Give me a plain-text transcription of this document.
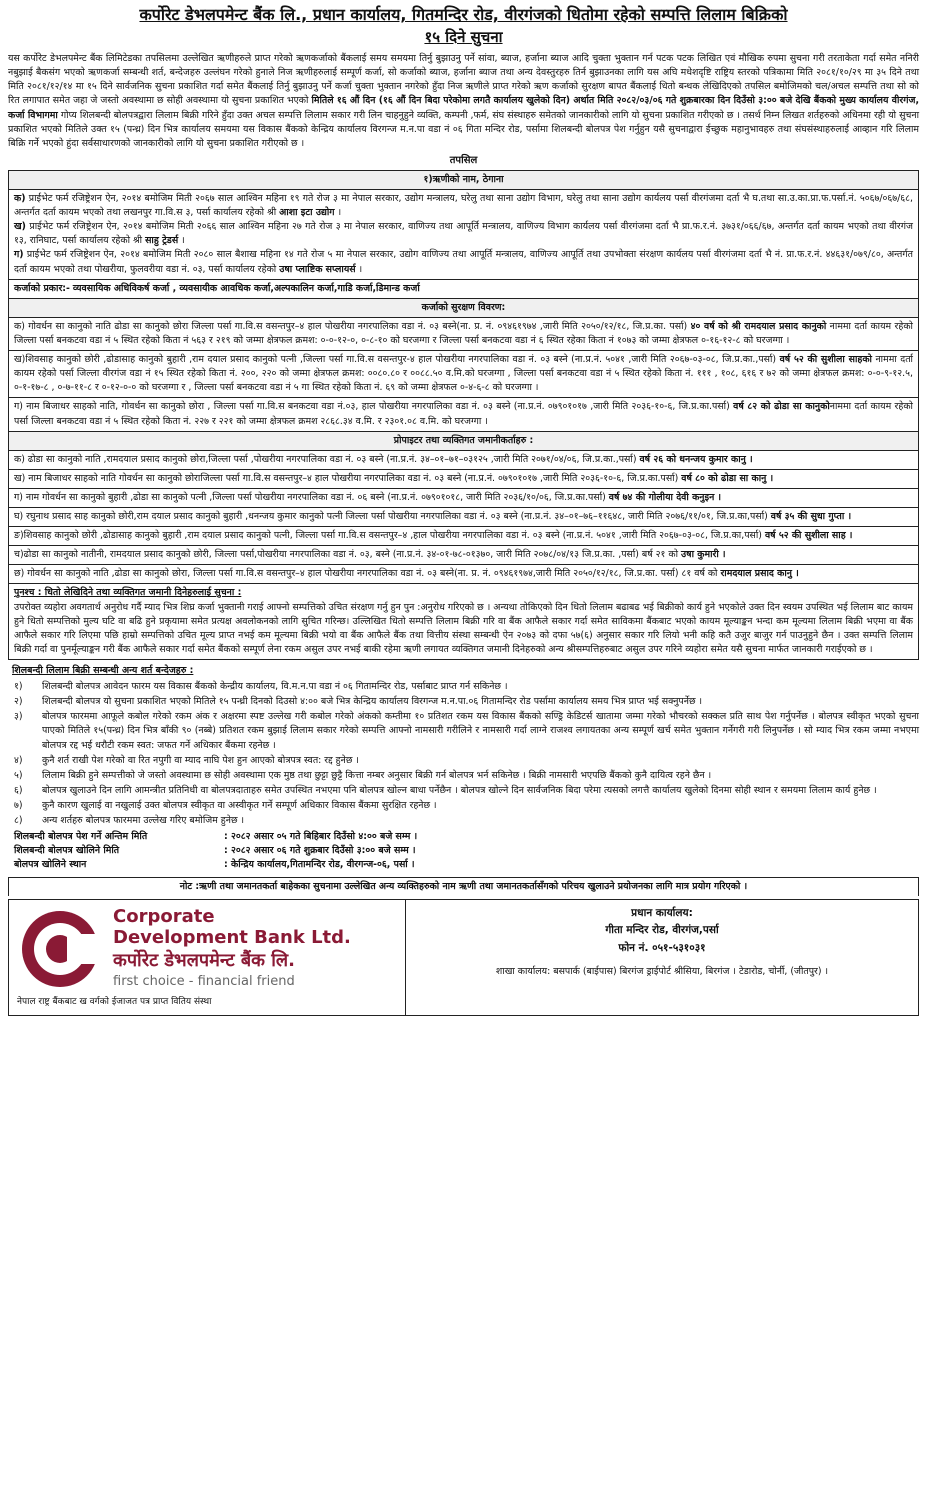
कर्पोरेट डेभलपमेन्ट बैंक लि., प्रधान कार्यालय, गितमन्दिर रोड, वीरगंजको धितोमा रहेको सम्पत्ति लिलाम बिक्रिको

१५ दिने सुचना

यस कर्पोरेट डेभलपमेन्ट बैंक लिमिटेडका तपसिलमा उल्लेखित ऋणीहरुले प्राप्त गरेको ऋणकर्जाको बैंकलाई समय समयमा तिर्नु बुझाउनु पर्ने सांवा, ब्याज, हर्जाना ब्याज आदि चुक्ता भुक्तान गर्न पटक पटक लिखित एवं मौखिक रुपमा सुचना गरी तरताकेता गर्दा समेत ननिरी नबुझाई बैकसंग भएको ऋणकर्जा सम्बन्धी शर्त, बन्देजहरु उल्लंघन गरेको हुनाले निज ऋणीहरुलाई सम्पूर्ण कर्जा, सो कर्जाको ब्याज, हर्जाना ब्याज तथा अन्य देवस्तुरहरु तिर्न बुझाउनका लागि यस अघि मधेशदृष्टि राष्ट्रिय स्तरको पत्रिकामा मिति २०८१/१०/२९ मा ३५ दिने तथा मिति २०८१/१२/१४ मा १५ दिने सार्वजनिक सुचना प्रकाशित गर्दा समेत बैंकलाई तिर्नु बुझाउनु पर्ने कर्जा चुक्ता भुक्तान नगरेको हुँदा निज ऋणीले प्राप्त गरेको ऋण कर्जाको सुरक्षण बापत बैंकलाई धितो बन्धक लेखिदिएको तपसिल बमोजिमको चल/अचल सम्पत्ति तथा सो को रित लगापात समेत जहा जे जस्तो अवस्थामा छ सोही अवस्थामा यो सुचना प्रकाशित भएको मितिले १६ औं दिन (१६ औं दिन बिदा परेकोमा लगतै कार्यालय खुलेको दिन) अर्थात मिति २०८२/०३/०६ गते शुक्रबारका दिन दिउँसो ३:०० बजे देखि बैंकको मुख्य कार्यालय वीरगंज, कर्जा विभागमा गोप्य शिलबन्दी बोलपत्रद्वारा लिलाम बिक्री गरिने हुँदा उक्त अचल सम्पत्ति लिलाम सकार गरी लिन चाहनुहुने व्यक्ति, कम्पनी ,फर्म, संघ संस्थाहरु समेतको जानकारीको लागि यो सुचना प्रकाशित गरीएको छ । तसर्थ निम्न लिखत शर्तहरुको अधिनमा रही यो सुचना प्रकाशित भएको मितिले उक्त १५ (पन्ध्र) दिन भित्र कार्यालय समयमा यस विकास बैंकको केन्द्रिय कार्यालय विरगन्ज म.न.पा वडा नं ०६ गिता मन्दिर रोड, पर्सामा शिलबन्दी बोलपत्र पेश गर्नुहुन यसै सुचनाद्वारा ईच्छुक महानुभावहरु तथा संघसंस्थाहरुलाई आव्हान गरि लिलाम बिक्रि गर्ने भएको हुंदा सर्वसाधारणको जानकारीको लागि यो सुचना प्रकाशित गरीएको छ ।

तपसिल
१)ऋणीको नाम, ठेगाना

क) प्राईभेट फर्म रजिष्ट्रेशन ऐन, २०१४ बमोजिम मिती २०६७ साल आश्विन महिना १९ गते रोज ३ मा नेपाल सरकार, उद्योग मन्त्रालय, घरेलु तथा साना उद्योग विभाग, घरेलु तथा साना उद्योग कार्यलय पर्सा वीरगंजमा दर्ता भै घ.तथा सा.उ.का.प्रा.फ.पर्सा.नं. ५०६७/०६७/६८, अन्तर्गत दर्ता कायम भएको तथा लखनपुर गा.वि.स ३, पर्सा कार्यालय रहेको श्री आशा इटा उद्योग ।

ख) प्राईभेट फर्म रजिष्ट्रेशन ऐन, २०१४ बमोजिम मिती २०६६ साल आश्विन महिना २७ गते रोज ३ मा नेपाल सरकार, वाणिज्य तथा आपूर्ति मन्त्रालय, वाणिज्य विभाग कार्यलय पर्सा वीरगंजमा दर्ता भै प्रा.फ.र.नं. ३७३१/०६६/६७, अन्तर्गत दर्ता कायम भएको तथा वीरगंज १३, रानिघाट, पर्सा कार्यालय रहेको श्री साहु ट्रेडर्स ।

ग) प्राईभेट फर्म रजिष्ट्रेशन ऐन, २०१४ बमोजिम मिती २०८० साल बैशाख महिना १४ गते रोज ५ मा नेपाल सरकार, उद्योग वाणिज्य तथा आपूर्ति मन्त्रालय, वाणिज्य आपूर्ति तथा उपभोक्ता संरक्षण कार्यलय पर्सा वीरगंजमा दर्ता भै नं. प्रा.फ.र.नं. ४४६३१/०७९/८०, अन्तर्गत दर्ता कायम भएको तथा पोखरीया, फुलवरीया वडा नं. ०३, पर्सा कार्यालय रहेको उषा प्लाष्टिक सप्लायर्स ।

कर्जाको प्रकार:- व्यवसायिक अधिविकर्ष कर्जा , व्यवसायीक आवधिक कर्जा,अल्पकालिन कर्जा,गाडि कर्जा,डिमान्ड कर्जा
कर्जाको सुरक्षण विवरण:
क) गोवर्धन सा कानुको नाति ढोडा सा कानुको छोरा जिल्ला पर्सा गा.वि.स वसन्तपुर–४ हाल पोखरीया नगरपालिका वडा नं. ०३ बस्ने(ना. प्र. नं. ०९४६१९७४ ,जारी मिति २०५०/१२/१८, जि.प्र.का. पर्सा) ४० वर्ष को श्री रामदयाल प्रसाद कानुको नाममा दर्ता कायम रहेको जिल्ला पर्सा बनकटवा वडा नं ५ स्थित रहेको किता नं ५६३ र २१९ को जम्मा क्षेत्रफल क्रमश: ०-०-१२-०, ०-८-१० को घरजग्गा र जिल्ला पर्सा बनकटवा वडा नं ६ स्थित रहेका किता नं १०७३ को जम्मा क्षेत्रफल ०-१६-१२-८ को घरजग्गा ।
ख)शिवसाह कानुको छोरी ,ढोडासाह कानुको बुहारी ,राम दयाल प्रसाद कानुको पत्नी ,जिल्ला पर्सा गा.वि.स वसन्तपुर-४ हाल पोखरीया नगरपालिका वडा नं. ०३ बस्ने (ना.प्र.नं. ५०४१ ,जारी मिति २०६७-०३-०८, जि.प्र.का.,पर्सा) वर्ष ५२ की सुशीला साहको नाममा दर्ता कायम रहेको पर्सा जिल्ला वीरगंज वडा नं १५ स्थित रहेको किता नं. २००, २२० को जम्मा क्षेत्रफल क्रमश: ००८०.८० र ००८८.५० व.मि.को घरजग्गा , जिल्ला पर्सा बनकटवा वडा नं ५ स्थित रहेको किता नं. १११ , १०८, ६१६ र ७२ को जम्मा क्षेत्रफल क्रमश: ०-०-९-१२.५, ०-१-१७-८ , ०-७-११-८ र ०-१२-०-० को घरजग्गा र , जिल्ला पर्सा बनकटवा वडा नं ५ गा स्थित रहेको किता नं. ६९ को जम्मा क्षेत्रफल ०-४-६-८ को घरजग्गा ।
ग) नाम बिजाधर साहको नाति, गोवर्धन सा कानुको छोरा , जिल्ला पर्सा गा.वि.स बनकटवा वडा नं.०३, हाल पोखरीया नगरपालिका वडा नं. ०३ बस्ने (ना.प्र.नं. ०७९०१०१७ ,जारी मिति २०३६-१०-६, जि.प्र.का.पर्सा) वर्ष ८२ को ढोडा सा कानुकोनाममा दर्ता कायम रहेको पर्सा जिल्ला बनकटवा वडा नं ५ स्थित रहेको किता नं. २२७ र २२१ को जम्मा क्षेत्रफल क्रमश २८६८.३४ व.मि. र २३०१.०८ व.मि. को घरजग्गा ।
प्रोपाइटर तथा व्यक्तिगत जमानीकर्ताहरु :
क) ढोडा सा कानुको नाति ,रामदयाल प्रसाद कानुको छोरा,जिल्ला पर्सा ,पोखरीया नगरपालिका वडा नं. ०३ बस्ने (ना.प्र.नं. ३४–०१–७१–०३१२५ ,जारी मिति २०७१/०४/०६, जि.प्र.का.,पर्सा) वर्ष २६ को धनन्जय कुमार कानु ।
ख) नाम बिजाधर साहको नाति गोवर्धन सा कानुको छोराजिल्ला पर्सा गा.वि.स वसन्तपुर–४ हाल पोखरीया नगरपालिका वडा नं. ०३ बस्ने (ना.प्र.नं. ०७९०१०१७ ,जारी मिति २०३६-१०-६, जि.प्र.का.पर्सा) वर्ष ८० को ढोडा सा कानु ।
ग) नाम गोवर्धन सा कानुको बुहारी ,ढोडा सा कानुको पत्नी ,जिल्ला पर्सा पोखरीया नगरपालिका वडा नं. ०६ बस्ने (ना.प्र.नं. ०७९०१०१८, जारी मिति २०३६/१०/०६, जि.प्र.का.पर्सा) वर्ष ७४ की गोलीया देवी कनुइन ।
घ) रघुनाथ प्रसाद साह कानुको छोरी,राम दयाल प्रसाद कानुको बुहारी ,धनन्जय कुमार कानुको पत्नी जिल्ला पर्सा पोखरीया नगरपालिका वडा नं. ०३ बस्ने (ना.प्र.नं. ३४–०१–७६–११६४८, जारी मिति २०७६/११/०१, जि.प्र.का,पर्सा) वर्ष ३५ की सुधा गुप्ता ।
ङ)शिवसाह कानुको छोरी ,ढोडासाह कानुको बुहारी ,राम दयाल प्रसाद कानुको पत्नी, जिल्ला पर्सा गा.वि.स वसन्तपुर–४ ,हाल पोखरीया नगरपालिका वडा नं. ०३ बस्ने (ना.प्र.नं. ५०४१ ,जारी मिति २०६७-०३-०८, जि.प्र.का,पर्सा) वर्ष ५२ की सुशीला साह ।
च)ढोडा सा कानुको नातीनी, रामदयाल प्रसाद कानुको छोरी, जिल्ला पर्सा,पोखरीया नगरपालिका वडा नं. ०३, बस्ने (ना.प्र.नं. ३४-०१-७८-०१३७०, जारी मिति २०७८/०४/१३ जि.प्र.का. ,पर्सा) बर्ष २१ को उषा कुमारी ।
छ) गोवर्धन सा कानुको नाति ,ढोडा सा कानुको छोरा, जिल्ला पर्सा गा.वि.स वसन्तपुर–४ हाल पोखरीया नगरपालिका वडा नं. ०३ बस्ने(ना. प्र. नं. ०९४६१९७४,जारी मिति २०५०/१२/१८, जि.प्र.का. पर्सा) ८१ वर्ष को रामदयाल प्रसाद कानु ।
पुनश्च : धितो लेखिदिने तथा व्यक्तिगत जमानी दिनेहरुलाई सुचना :
उपरोक्त व्यहोरा अवगतार्थ अनुरोध गर्दै म्याद भित्र शिघ्र कर्जा भुक्तानी गराई आफ्नो सम्पत्तिको उचित संरक्षण गर्नु हुन पुन :अनुरोध गरिएको छ । अन्यथा तोकिएको दिन धितो लिलाम बढाबढ भई बिक्रीको कार्य हुने भएकोले उक्त दिन स्वयम उपस्थित भई लिलाम बाट कायम हुने धितो सम्पत्तिको मुल्य घटि वा बढि हुने प्रकृयामा समेत प्रत्यक्ष अवलोकनको लागि सुचित गरिन्छ। उल्लिखित धितो सम्पत्ति लिलाम बिक्री गरि वा बैंक आफैले सकार गर्दा समेत साविकमा बैंकबाट भएको कायम मूल्याङ्कन भन्दा कम मूल्यमा लिलाम बिक्री भएमा वा बैंक आफैले सकार गरि लिएमा पछि हाम्रो सम्पत्तिको उचित मूल्य प्राप्त नभई कम मूल्यमा बिक्री भयो वा बैंक आफैले बैंक तथा वित्तीय संस्था सम्बन्धी ऐन २०७३ को दफा ५७(६) अनुसार सकार गरि लियो भनी कहि कतै उजुर बाजुर गर्न पाउनुहुने छैन । उक्त सम्पत्ति लिलाम बिक्री गर्दा वा पुनर्मूल्याङ्कन गरी बैंक आफैले सकार गर्दा समेत बैंकको सम्पूर्ण लेना रकम असुल उपर नभई बाकी रहेमा ऋणी लगायत व्यक्तिगत जमानी दिनेहरुको अन्य श्रीसम्पत्तिहरुबाट असुल उपर गरिने व्यहोरा समेत यसै सुचना मार्फत जानकारी गराईएको छ ।
शिलबन्दी लिलाम बिक्री सम्बन्धी अन्य शर्त बन्देजहरु :
१)	शिलबन्दी बोलपत्र आवेदन फारम यस विकास बैंकको केन्द्रीय कार्यालय, वि.म.न.पा वडा नं ०६ गितामन्दिर रोड, पर्साबाट प्राप्त गर्न सकिनेछ ।
२)	शिलबन्दी बोलपत्र यो सुचना प्रकाशित भएको मितिले १५ पन्ध्री दिनको दिउसो ४:०० बजे भित्र केन्द्रिय कार्यालय विरगन्ज म.न.पा.०६ गितामन्दिर रोड पर्सामा कार्यालय समय भित्र प्राप्त भई सक्नुपर्नेछ ।
३)	बोलपत्र फारममा आफूले कबोल गरेको रकम अंक र अक्षरमा स्पष्ट उल्लेख गरी कबोल गरेको अंकको कम्तीमा १० प्रतिशत रकम यस विकास बैंकको सण्ड्रि केडिटर्स खातामा जम्मा गरेको भौचरको सक्कल प्रति साथ पेश गर्नुपर्नेछ । बोलपत्र स्वीकृत भएको सुचना पाएको मितिले १५(पन्ध्र) दिन भित्र बाँकी ९० (नब्बे) प्रतिशत रकम बुझाई लिलाम सकार गरेको सम्पत्ति आफ्नो नामसारी गरीलिने र नामसारी गर्दा लाग्ने राजश्व लगायतका अन्य सम्पूर्ण खर्च समेत भुक्तान गर्नेगरी गरी लिनुपर्नेछ । सो म्याद भित्र रकम जम्मा नभएमा बोलपत्र रद्द भई धरौटी रकम स्वत: जफत गर्ने अधिकार बैंकमा रहनेछ ।
४)	कुनै शर्त राखी पेश गरेको वा रित नपुगी वा म्याद नाघि पेश हुन आएको बोत्रपत्र स्वत: रद्द हुनेछ ।
५)	लिलाम बिक्री हुने सम्पत्तीको जे जस्तो अवस्थामा छ सोही अवस्थामा एक मुष्ठ तथा छुट्टा छुट्टै कित्ता नम्बर अनुसार बिक्री गर्न बोलपत्र भर्न सकिनेछ । बिक्री नामसारी भएपछि बैंकको कुनै दायित्व रहने छैन ।
६)	बोलपत्र खुलाउने दिन लागि आमन्त्रीत प्रतिनिधी वा बोलपत्रदाताहरु समेत उपस्थित नभएमा पनि बोलपत्र खोल्न बाधा पर्नेछैन । बोलपत्र खोल्ने दिन सार्वजनिक बिदा परेमा त्यसको लगत्तै कार्यालय खुलेको दिनमा सोही स्थान र समयमा लिलाम कार्य हुनेछ ।
७)	कुनै कारण खुलाई वा नखुलाई उक्त बोलपत्र स्वीकृत वा अस्वीकृत गर्ने सम्पूर्ण अधिकार विकास बैंकमा सुरक्षित रहनेछ ।
८)	अन्य शर्तहरु बोलपत्र फारममा उल्लेख गरिए बमोजिम हुनेछ ।
शिलबन्दी बोलपत्र पेश गर्ने अन्तिम मिति	: २०८२ असार ०५ गते बिहिबार दिउँसो ४:०० बजे सम्म ।
शिलबन्दी बोलपत्र खोलिने मिति	: २०८२ असार ०६ गते शुक्रबार दिउँसो ३:०० बजे सम्म ।
बोलपत्र खोलिने स्थान	: केन्द्रिय कार्यालय,गितामन्दिर रोड, वीरगन्ज-०६, पर्सा ।
नोट :ऋणी तथा जमानतकर्ता बाहेकका सुचनामा उल्लेखित अन्य व्यक्तिहरुको नाम ऋणी तथा जमानतकर्तासँगको परिचय खुलाउने प्रयोजनका लागि मात्र प्रयोग गरिएको ।
Corporate
Development Bank Ltd.
कर्पोरेट डेभलपमेन्ट बैंक लि.
first choice - financial friend
नेपाल राष्ट्र बैंकबाट ख वर्गको ईजाजत पत्र प्राप्त वितिय संस्था
प्रधान कार्यालय:
गीता मन्दिर रोड, वीरगंज,पर्सा
फोन नं. ०५१-५३१०३१
शाखा कार्यालय: बसपार्क (बाईपास) बिरगंज ड्राईपोर्ट श्रीसिया, बिरगंज । टेडारोड, चोर्नी, (जीतपुर) ।
